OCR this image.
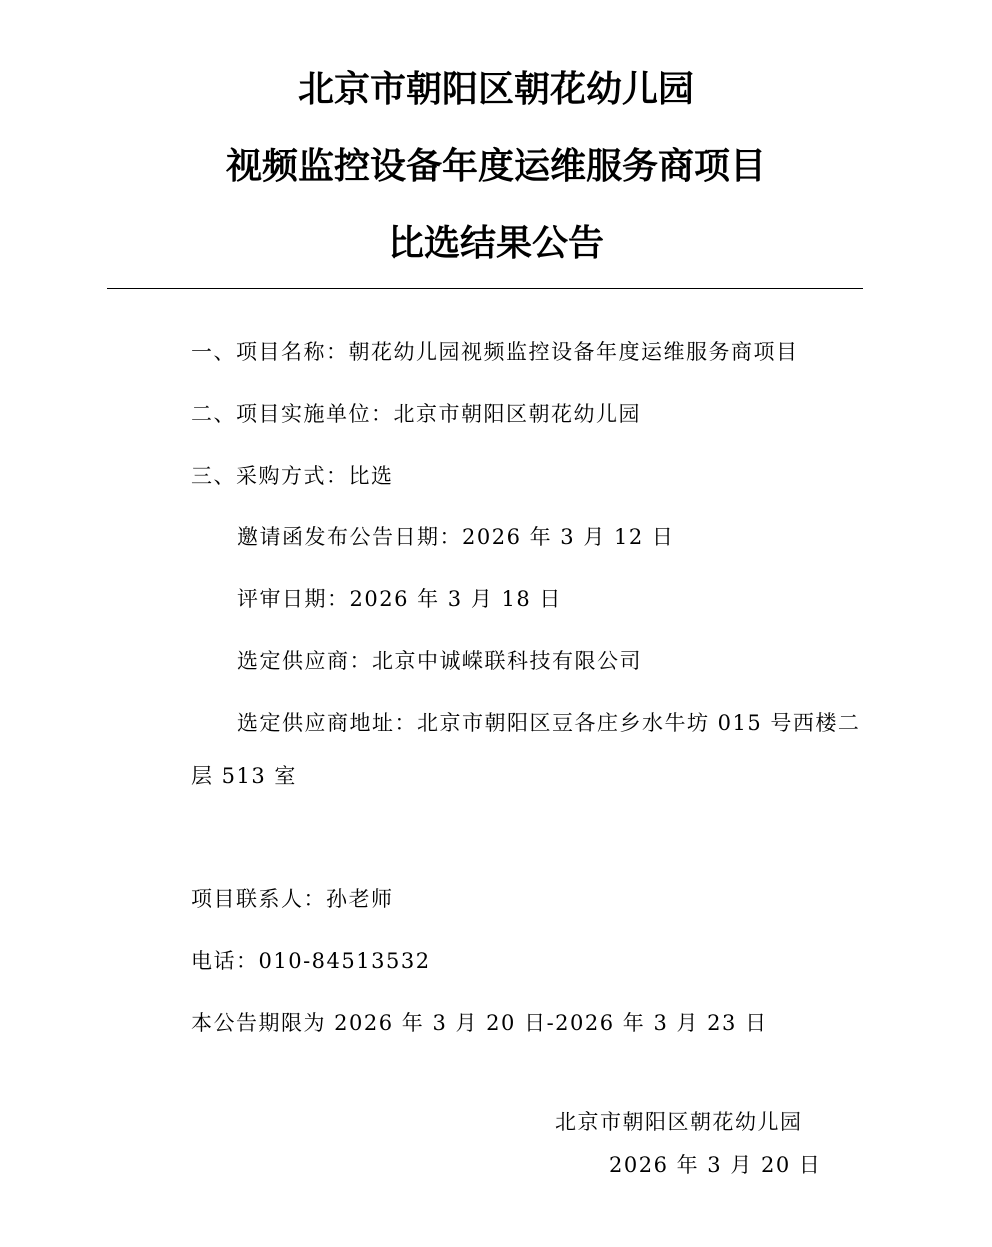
北京市朝阳区朝花幼儿园
视频监控设备年度运维服务商项目
比选结果公告
一、项目名称：朝花幼儿园视频监控设备年度运维服务商项目
二、项目实施单位：北京市朝阳区朝花幼儿园
三、采购方式：比选
邀请函发布公告日期：2026 年 3 月 12 日
评审日期：2026 年 3 月 18 日
选定供应商：北京中诚嵘联科技有限公司
选定供应商地址：北京市朝阳区豆各庄乡水牛坊 015 号西楼二
层 513 室
项目联系人：孙老师
电话：010-84513532
本公告期限为 2026 年 3 月 20 日-2026 年 3 月 23 日
北京市朝阳区朝花幼儿园
2026 年 3 月 20 日
